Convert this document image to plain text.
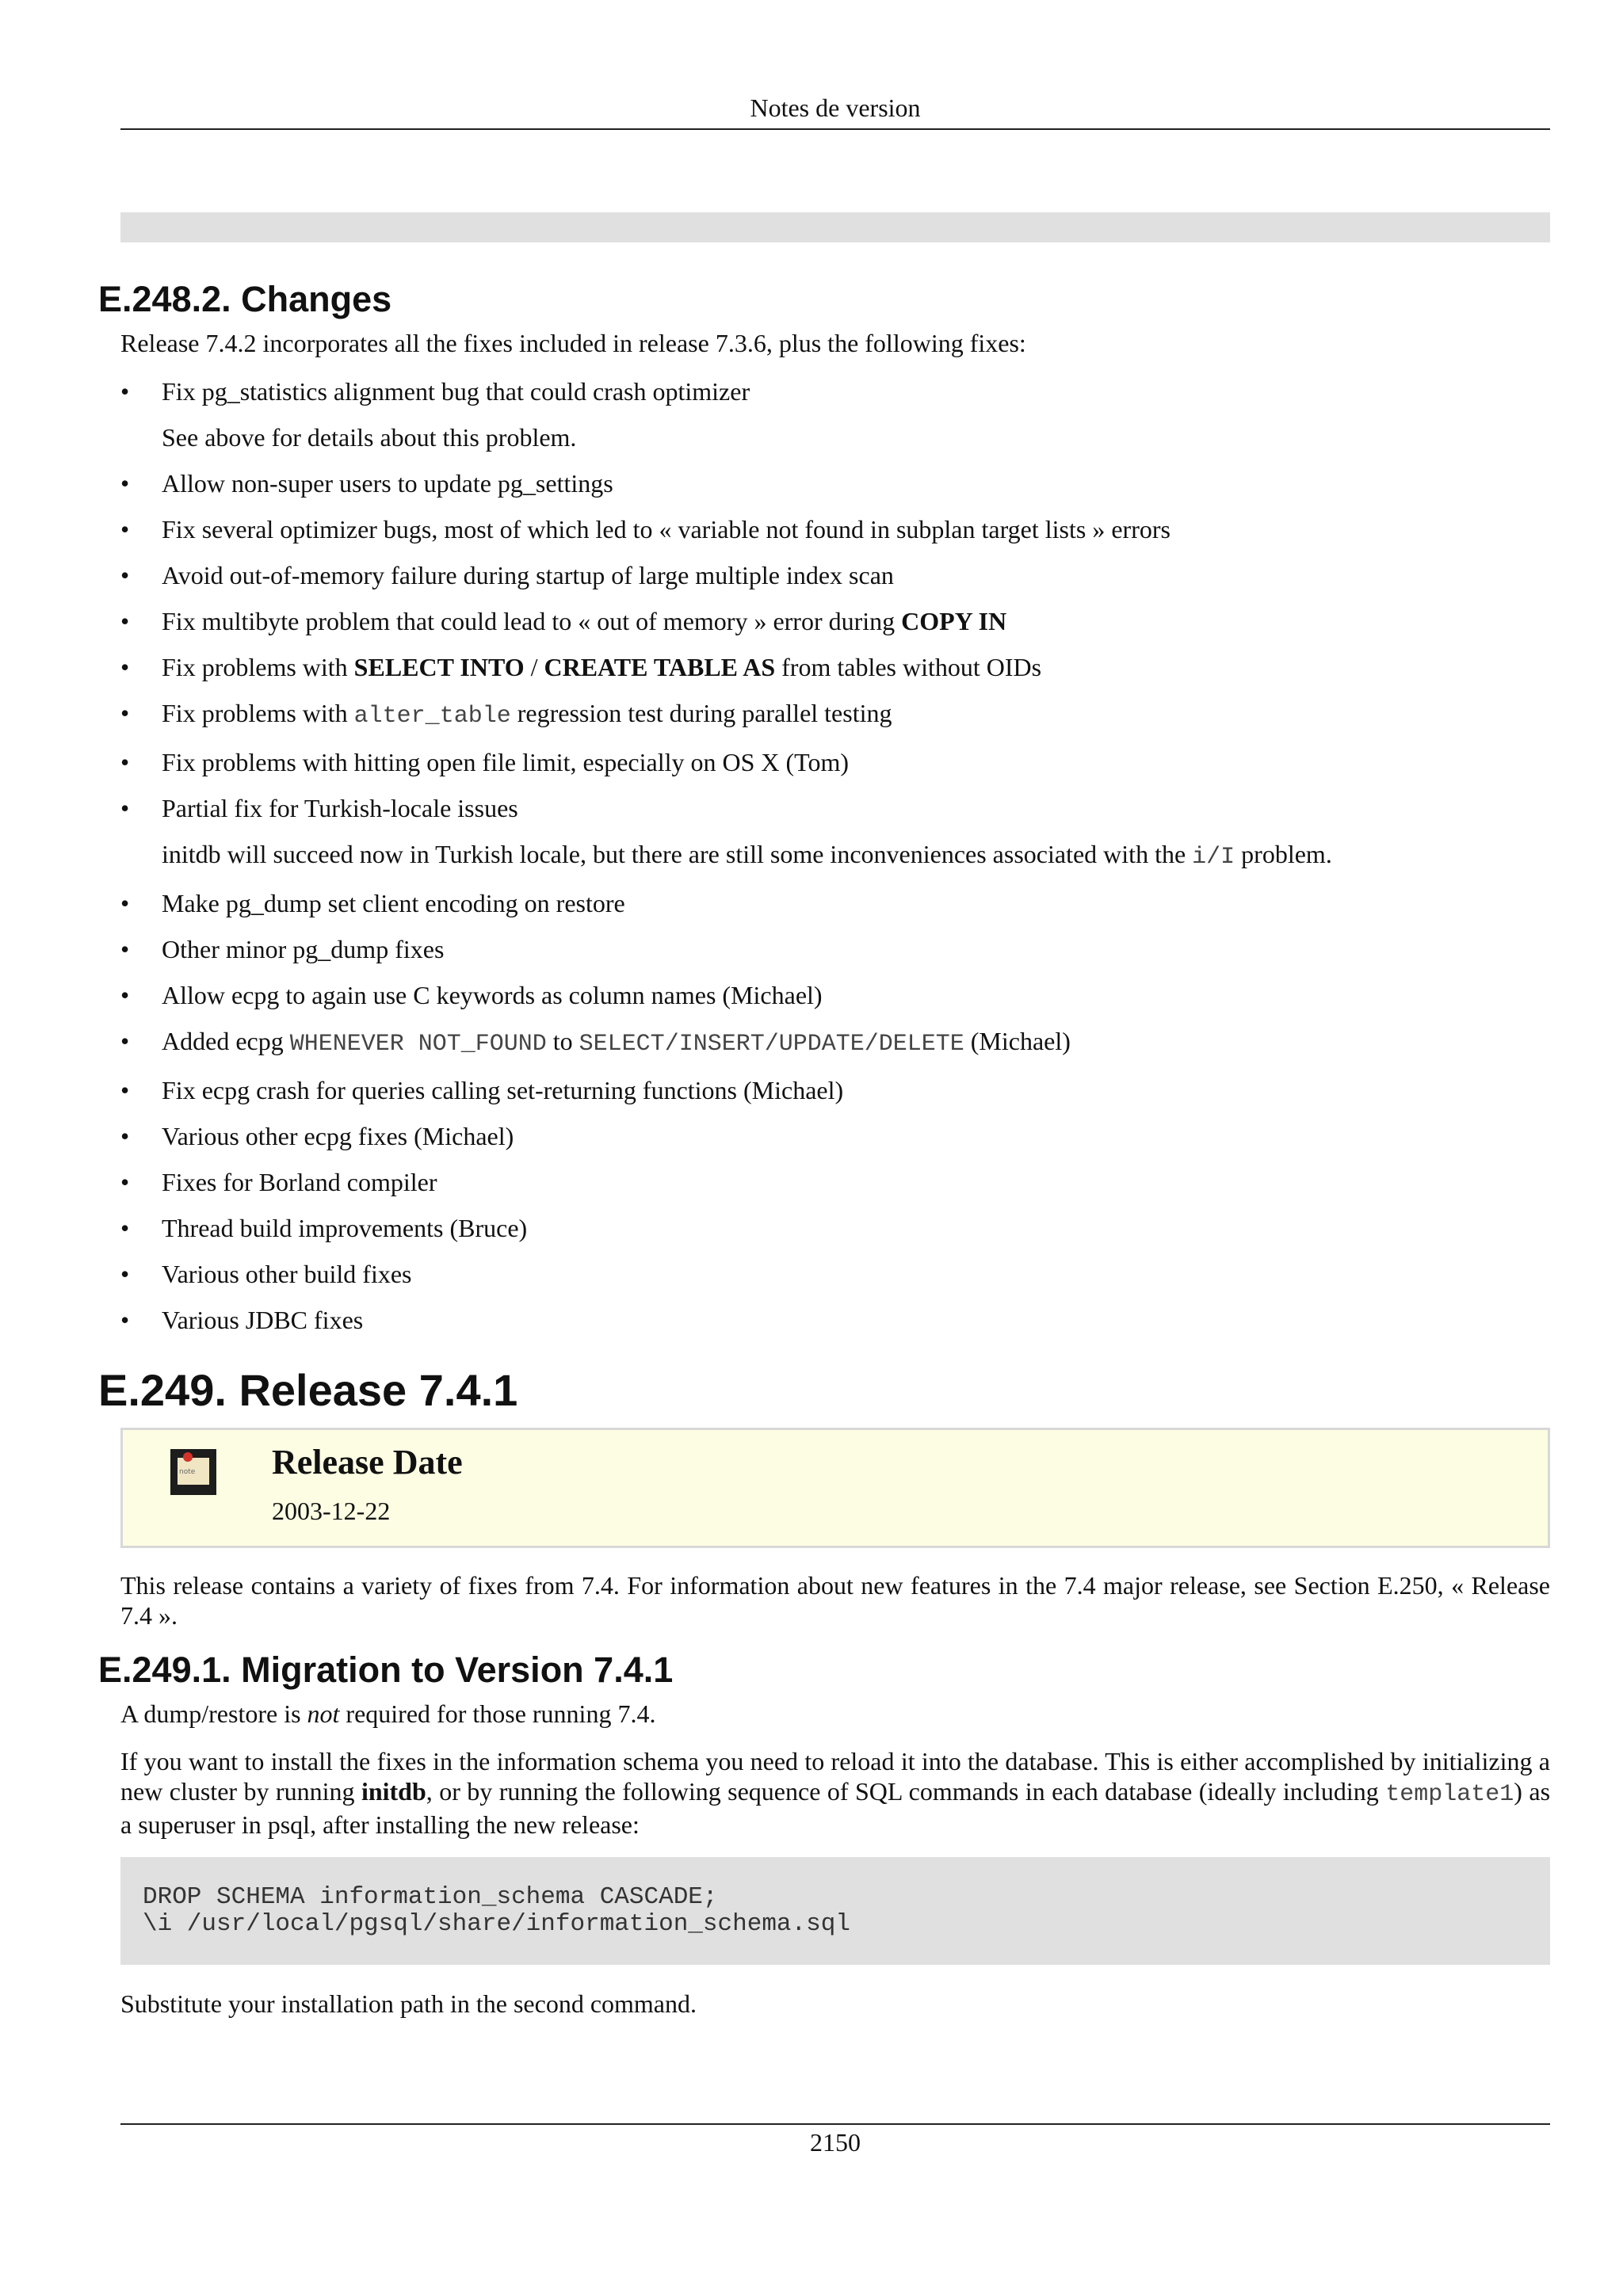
Notes de version
E.248.2. Changes

Release 7.4.2 incorporates all the fixes included in release 7.3.6, plus the following fixes:

• Fix pg_statistics alignment bug that could crash optimizer
See above for details about this problem.
• Allow non-super users to update pg_settings
• Fix several optimizer bugs, most of which led to « variable not found in subplan target lists » errors
• Avoid out-of-memory failure during startup of large multiple index scan
• Fix multibyte problem that could lead to « out of memory » error during COPY IN
• Fix problems with SELECT INTO / CREATE TABLE AS from tables without OIDs
• Fix problems with alter_table regression test during parallel testing
• Fix problems with hitting open file limit, especially on OS X (Tom)
• Partial fix for Turkish-locale issues
initdb will succeed now in Turkish locale, but there are still some inconveniences associated with the i/I problem.
• Make pg_dump set client encoding on restore
• Other minor pg_dump fixes
• Allow ecpg to again use C keywords as column names (Michael)
• Added ecpg WHENEVER NOT_FOUND to SELECT/INSERT/UPDATE/DELETE (Michael)
• Fix ecpg crash for queries calling set-returning functions (Michael)
• Various other ecpg fixes (Michael)
• Fixes for Borland compiler
• Thread build improvements (Bruce)
• Various other build fixes
• Various JDBC fixes
E.249. Release 7.4.1
note Release Date
2003-12-22

This release contains a variety of fixes from 7.4. For information about new features in the 7.4 major release, see Section E.250, « Release 7.4 ».

E.249.1. Migration to Version 7.4.1

A dump/restore is not required for those running 7.4.

If you want to install the fixes in the information schema you need to reload it into the database. This is either accomplished by initializing a new cluster by running initdb, or by running the following sequence of SQL commands in each database (ideally including template1) as a superuser in psql, after installing the new release:

DROP SCHEMA information_schema CASCADE;
\i /usr/local/pgsql/share/information_schema.sql

Substitute your installation path in the second command.

2150
